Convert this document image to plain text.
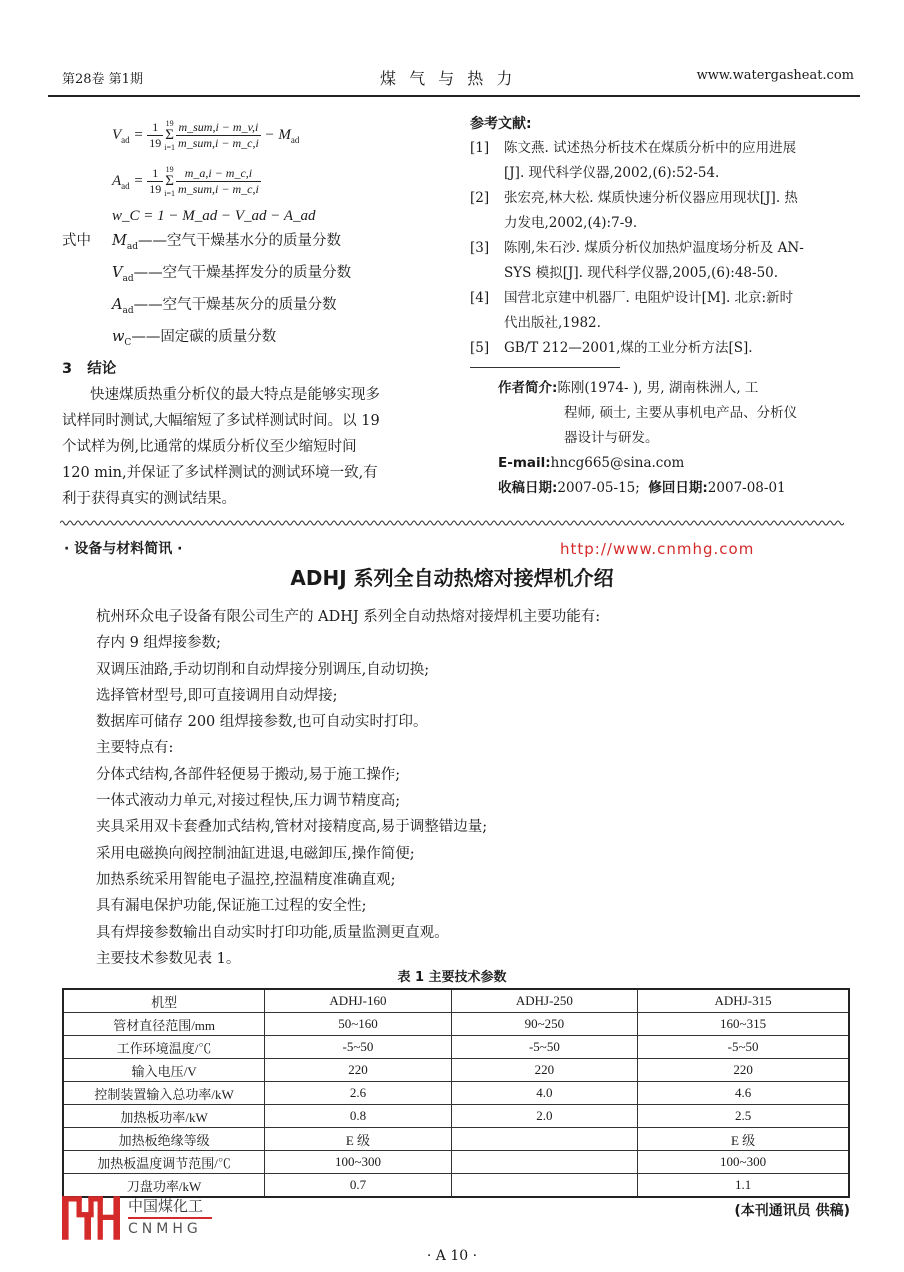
第28卷 第1期	煤 气 与 热 力	www.watergasheat.com
$V_{ad} = \frac{1}{19} 19$
Σ
$i=1 \frac{\text{m\_sum,i − m\_v,i}}{\text{m\_sum,i − m\_c,i}} - M_{ad}$
$A_{ad} = \frac{1}{19} 19$
Σ
$i=1 \frac{m\_a,i - m\_c,i}{\text{m\_sum,i − m\_c,i}}$
w_C = 1 − M_ad − V_ad − A_ad
式中	$M_{ad}——$空气干燥基水分的质量分数
$V_{ad}——$空气干燥基挥发分的质量分数
$A_{ad}——$空气干燥基灰分的质量分数
$w_C——$固定碳的质量分数
3 结论
快速煤质热重分析仪的最大特点是能够实现多
试样同时测试,大幅缩短了多试样测试时间。以 19
个试样为例,比通常的煤质分析仪至少缩短时间
120 min,并保证了多试样测试的测试环境一致,有
利于获得真实的测试结果。
参考文献:
[1]	陈文燕. 试述热分析技术在煤质分析中的应用进展
[J]. 现代科学仪器,2002,(6):52-54.
[2]	张宏亮,林大松. 煤质快速分析仪器应用现状[J]. 热
力发电,2002,(4):7-9.
[3]	陈刚,朱石沙. 煤质分析仪加热炉温度场分析及 AN-
SYS 模拟[J]. 现代科学仪器,2005,(6):48-50.
[4]	国营北京建中机器厂. 电阻炉设计[M]. 北京:新时
代出版社,1982.
[5]	GB/T 212—2001,煤的工业分析方法[S].
作者简介:陈刚(1974- ), 男, 湖南株洲人, 工
程师, 硕士, 主要从事机电产品、分析仪
器设计与研发。
E-mail:hncg665@sina.com
收稿日期:2007-05-15; 修回日期:2007-08-01
· 设备与材料简讯 ·	http://www.cnmhg.com
ADHJ 系列全自动热熔对接焊机介绍
杭州环众电子设备有限公司生产的 ADHJ 系列全自动热熔对接焊机主要功能有:
存内 9 组焊接参数;
双调压油路,手动切削和自动焊接分别调压,自动切换;
选择管材型号,即可直接调用自动焊接;
数据库可储存 200 组焊接参数,也可自动实时打印。
主要特点有:
分体式结构,各部件轻便易于搬动,易于施工操作;
一体式液动力单元,对接过程快,压力调节精度高;
夹具采用双卡套叠加式结构,管材对接精度高,易于调整错边量;
采用电磁换向阀控制油缸进退,电磁卸压,操作简便;
加热系统采用智能电子温控,控温精度准确直观;
具有漏电保护功能,保证施工过程的安全性;
具有焊接参数输出自动实时打印功能,质量监测更直观。
主要技术参数见表 1。
表 1 主要技术参数
机型	ADHJ-160	ADHJ-250	ADHJ-315
管材直径范围/mm	50~160	90~250	160~315
工作环境温度/℃	-5~50	-5~50	-5~50
输入电压/V	220	220	220
控制装置输入总功率/kW	2.6	4.0	4.6
加热板功率/kW	0.8	2.0	2.5
加热板绝缘等级	E 级		E 级
加热板温度调节范围/℃	100~300		100~300
刀盘功率/kW	0.7		1.1
中国煤化工
CNMHG
(本刊通讯员 供稿)
· A 10 ·
